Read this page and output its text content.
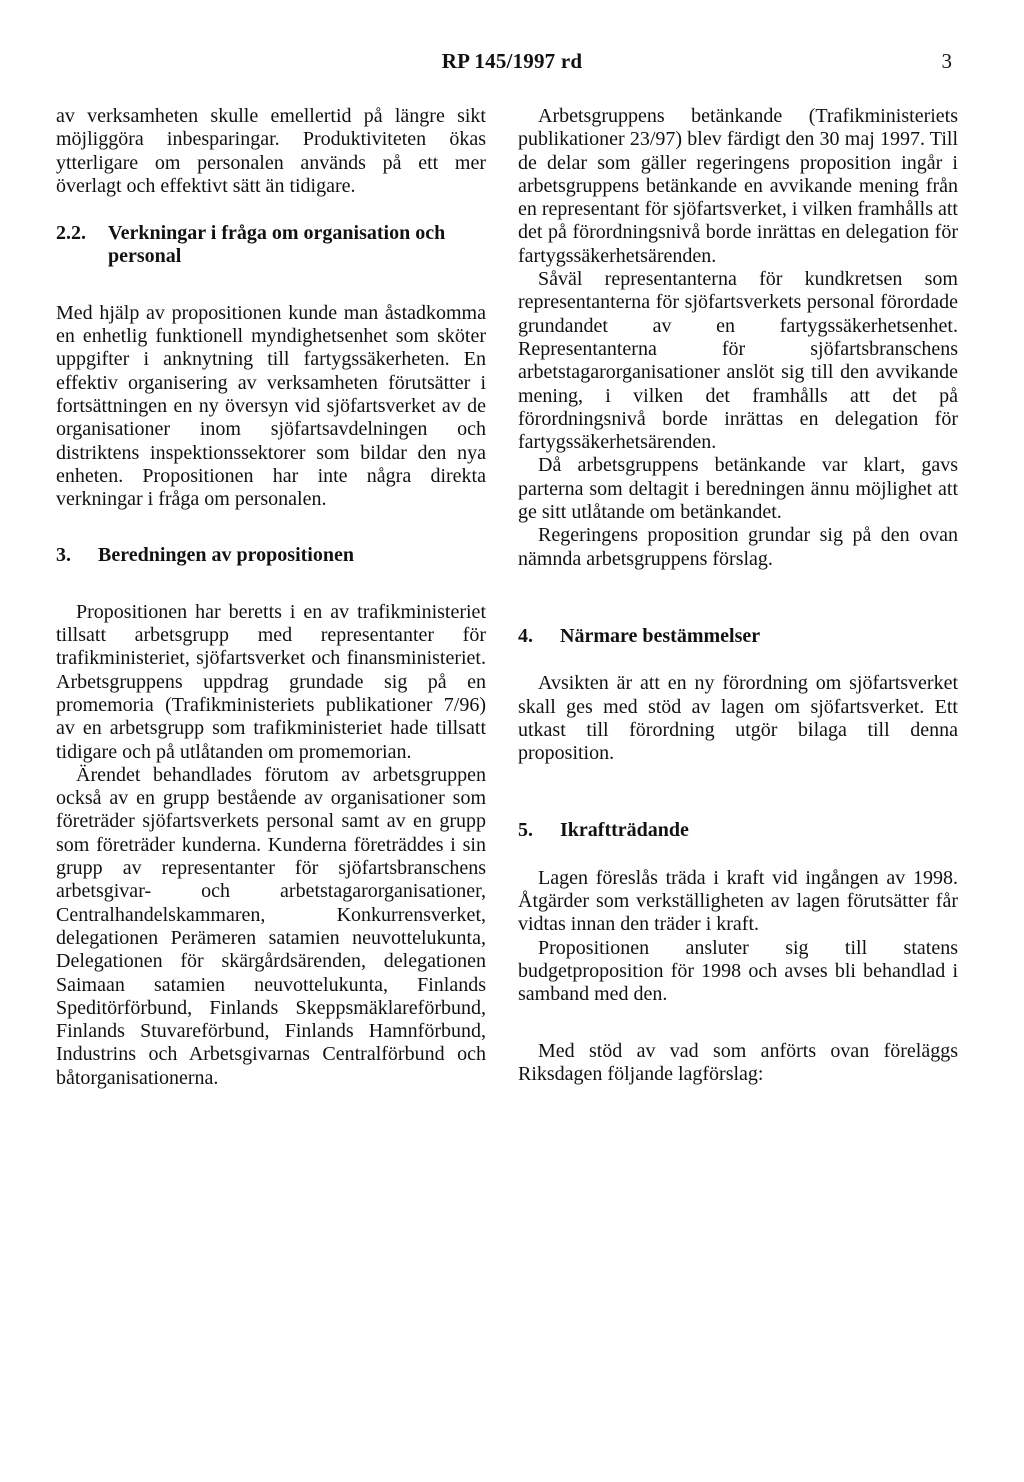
RP 145/1997 rd	3

av verksamheten skulle emellertid på längre sikt möjliggöra inbesparingar. Produktiviteten ökas ytterligare om personalen används på ett mer överlagt och effektivt sätt än tidigare.

2.2.	Verkningar i fråga om organisation och personal

Med hjälp av propositionen kunde man åstadkomma en enhetlig funktionell myndighetsenhet som sköter uppgifter i anknytning till fartygssäkerheten. En effektiv organisering av verksamheten förutsätter i fortsättningen en ny översyn vid sjöfartsverket av de organisationer inom sjöfartsavdelningen och distriktens inspektionssektorer som bildar den nya enheten. Propositionen har inte några direkta verkningar i fråga om personalen.

3.	Beredningen av propositionen

Propositionen har beretts i en av trafikministeriet tillsatt arbetsgrupp med representanter för trafikministeriet, sjöfartsverket och finansministeriet. Arbetsgruppens uppdrag grundade sig på en promemoria (Trafikministeriets publikationer 7/96) av en arbetsgrupp som trafikministeriet hade tillsatt tidigare och på utlåtanden om promemorian.

Ärendet behandlades förutom av arbetsgruppen också av en grupp bestående av organisationer som företräder sjöfartsverkets personal samt av en grupp som företräder kunderna. Kunderna företräddes i sin grupp av representanter för sjöfartsbranschens arbetsgivar- och arbetstagarorganisationer, Centralhandelskammaren, Konkurrensverket, delegationen Perämeren satamien neuvottelukunta, Delegationen för skärgårdsärenden, delegationen Saimaan satamien neuvottelukunta, Finlands Speditörförbund, Finlands Skeppsmäklareförbund, Finlands Stuvareförbund, Finlands Hamnförbund, Industrins och Arbetsgivarnas Centralförbund och båtorganisationerna.

Arbetsgruppens betänkande (Trafikministeriets publikationer 23/97) blev färdigt den 30 maj 1997. Till de delar som gäller regeringens proposition ingår i arbetsgruppens betänkande en avvikande mening från en representant för sjöfartsverket, i vilken framhålls att det på förordningsnivå borde inrättas en delegation för fartygssäkerhetsärenden.

Såväl representanterna för kundkretsen som representanterna för sjöfartsverkets personal förordade grundandet av en fartygssäkerhetsenhet. Representanterna för sjöfartsbranschens arbetstagarorganisationer anslöt sig till den avvikande mening, i vilken det framhålls att det på förordningsnivå borde inrättas en delegation för fartygssäkerhetsärenden.

Då arbetsgruppens betänkande var klart, gavs parterna som deltagit i beredningen ännu möjlighet att ge sitt utlåtande om betänkandet.

Regeringens proposition grundar sig på den ovan nämnda arbetsgruppens förslag.

4.	Närmare bestämmelser

Avsikten är att en ny förordning om sjöfartsverket skall ges med stöd av lagen om sjöfartsverket. Ett utkast till förordning utgör bilaga till denna proposition.

5.	Ikraftträdande

Lagen föreslås träda i kraft vid ingången av 1998. Åtgärder som verkställigheten av lagen förutsätter får vidtas innan den träder i kraft.

Propositionen ansluter sig till statens budgetproposition för 1998 och avses bli behandlad i samband med den.

Med stöd av vad som anförts ovan föreläggs Riksdagen följande lagförslag:
